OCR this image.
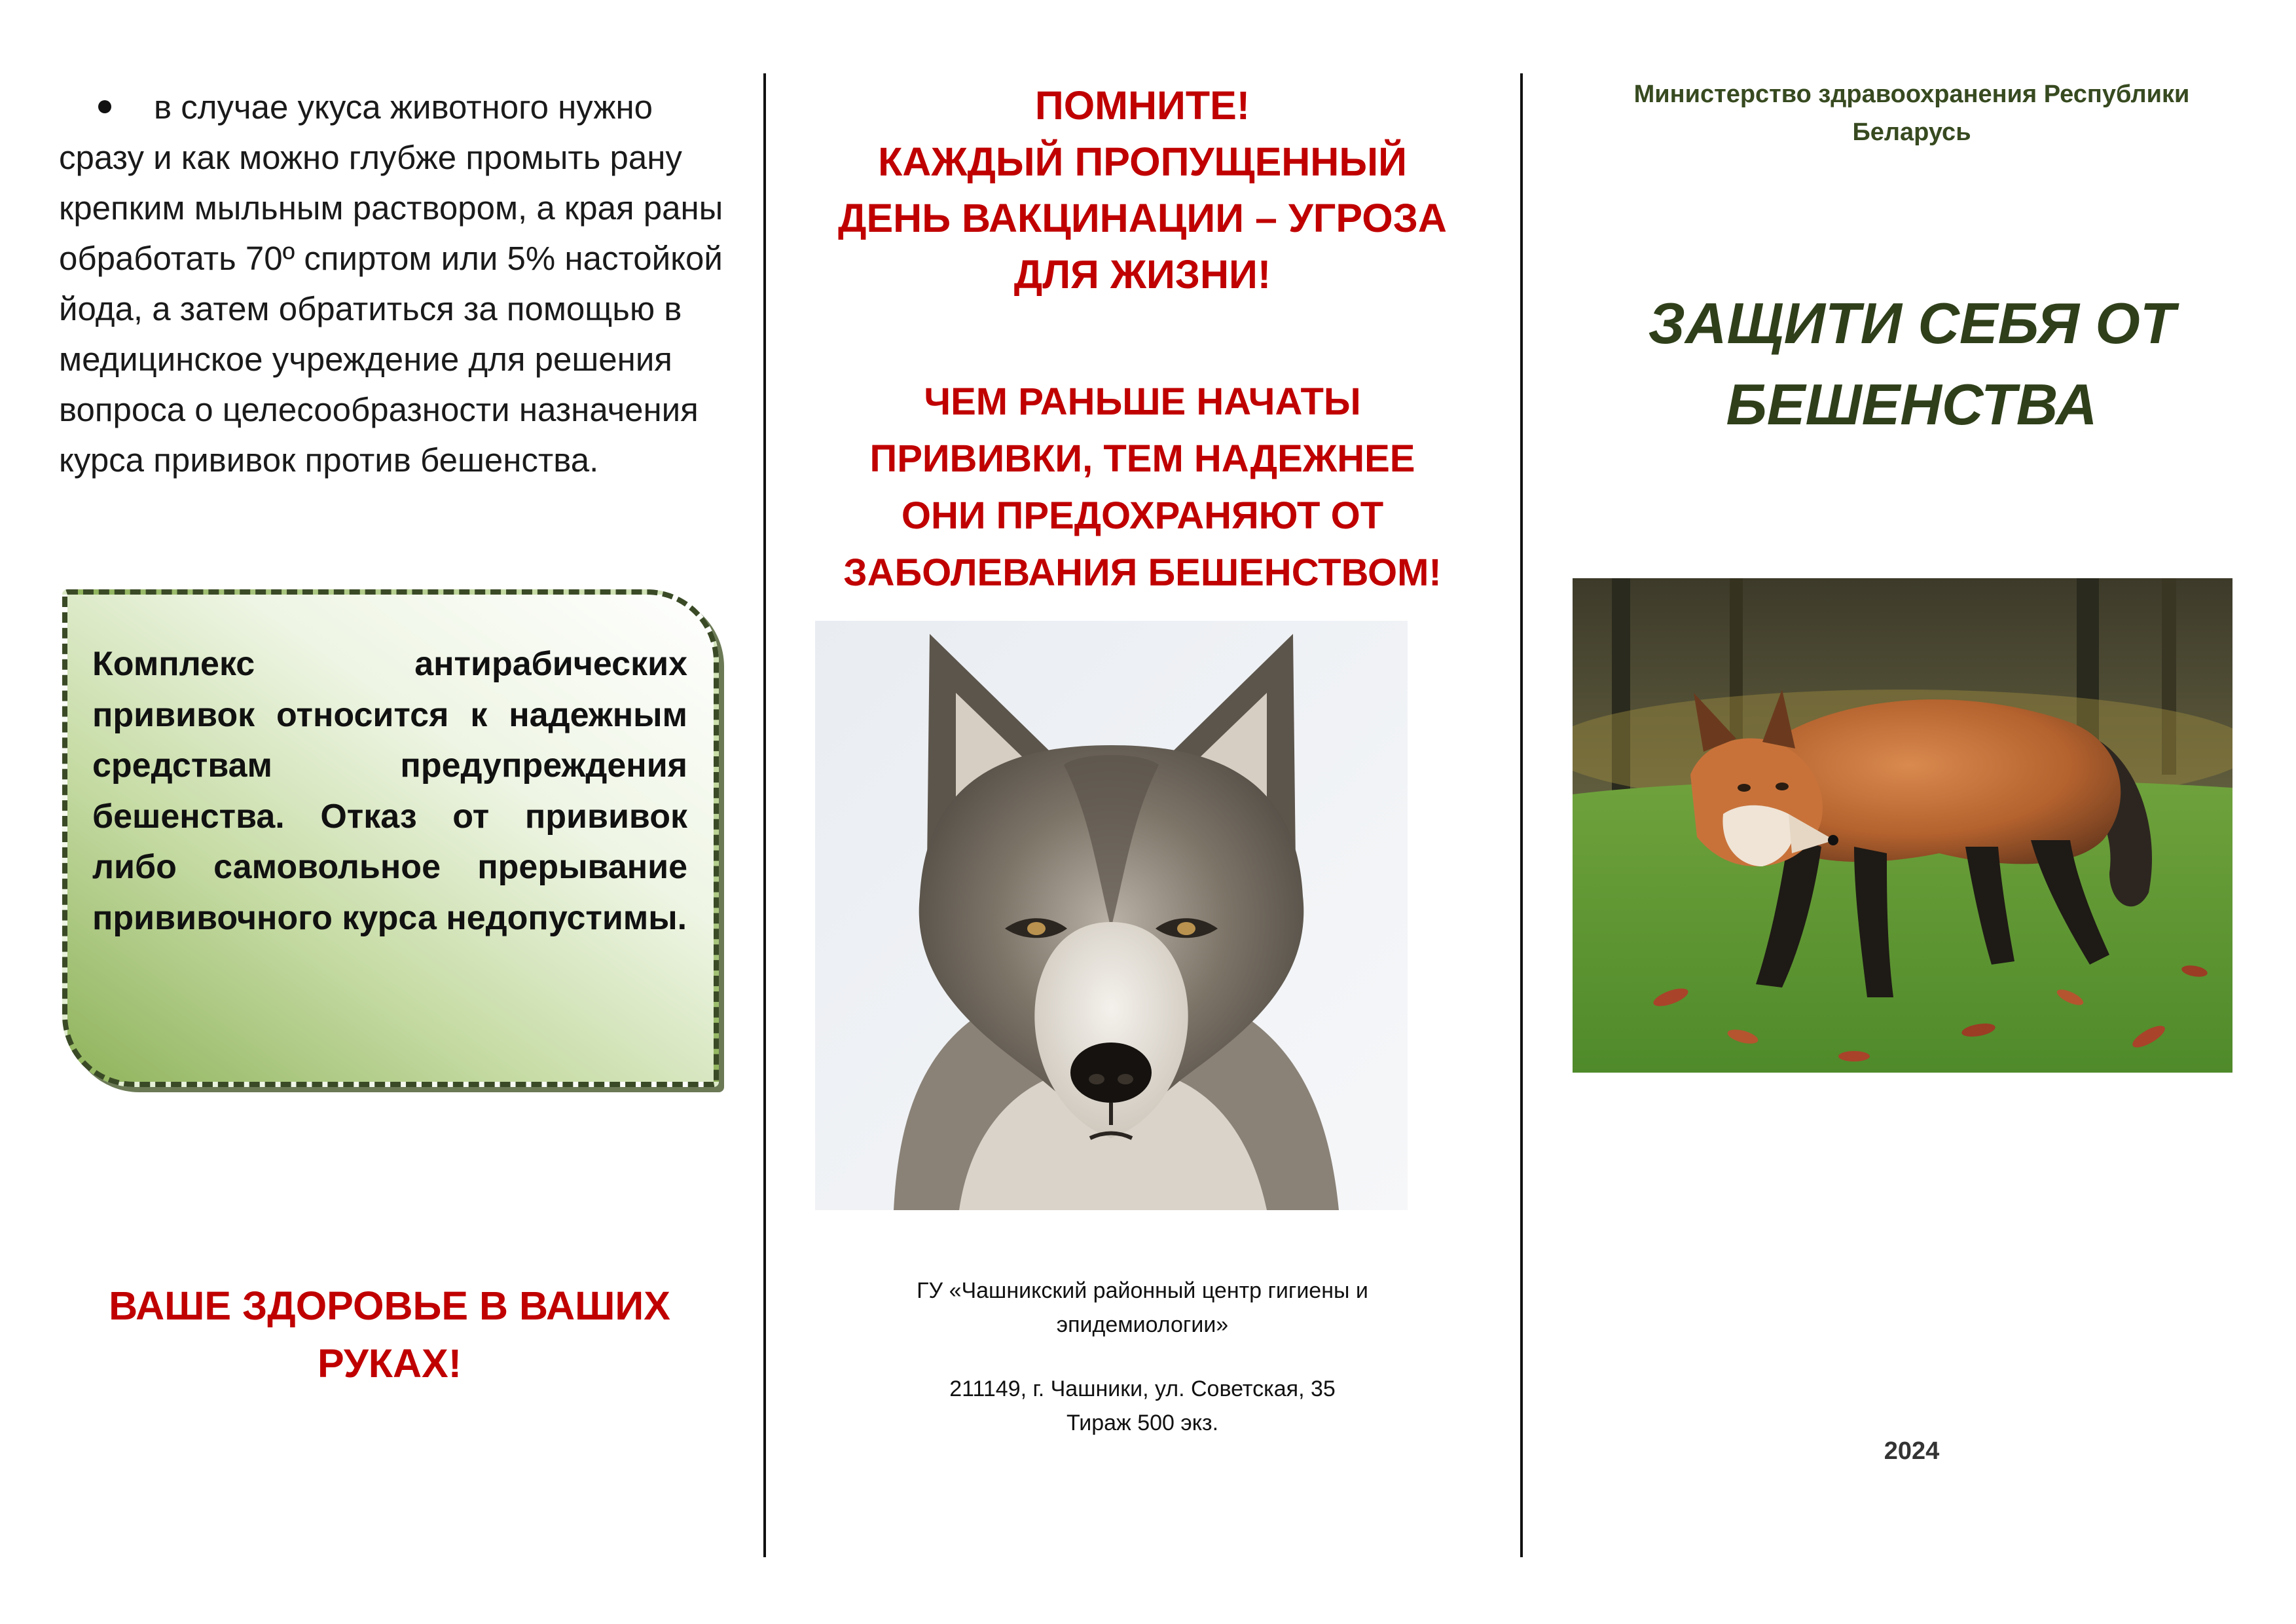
в случае укуса животного нужно сразу и как можно глубже промыть рану крепким мыльным раствором, а края раны обработать 70º спиртом или 5% настойкой йода, а затем обратиться за помощью в медицинское учреждение для решения вопроса о целесообразности назначения курса прививок против бешенства.

Комплекс антирабических прививок относится к надежным средствам предупреждения бешенства. Отказ от прививок либо самовольное прерывание прививочного курса недопустимы.

ВАШЕ ЗДОРОВЬЕ В ВАШИХ РУКАХ!

ПОМНИТЕ!
КАЖДЫЙ ПРОПУЩЕННЫЙ
ДЕНЬ ВАКЦИНАЦИИ – УГРОЗА
ДЛЯ ЖИЗНИ!

ЧЕМ РАНЬШЕ НАЧАТЫ
ПРИВИВКИ, ТЕМ НАДЕЖНЕЕ
ОНИ ПРЕДОХРАНЯЮТ ОТ
ЗАБОЛЕВАНИЯ БЕШЕНСТВОМ!

ГУ «Чашникский районный центр гигиены и
эпидемиологии»

211149, г. Чашники, ул. Советская, 35

Тираж 500 экз.

Министерство здравоохранения Республики
Беларусь

ЗАЩИТИ СЕБЯ ОТ
БЕШЕНСТВА

2024
